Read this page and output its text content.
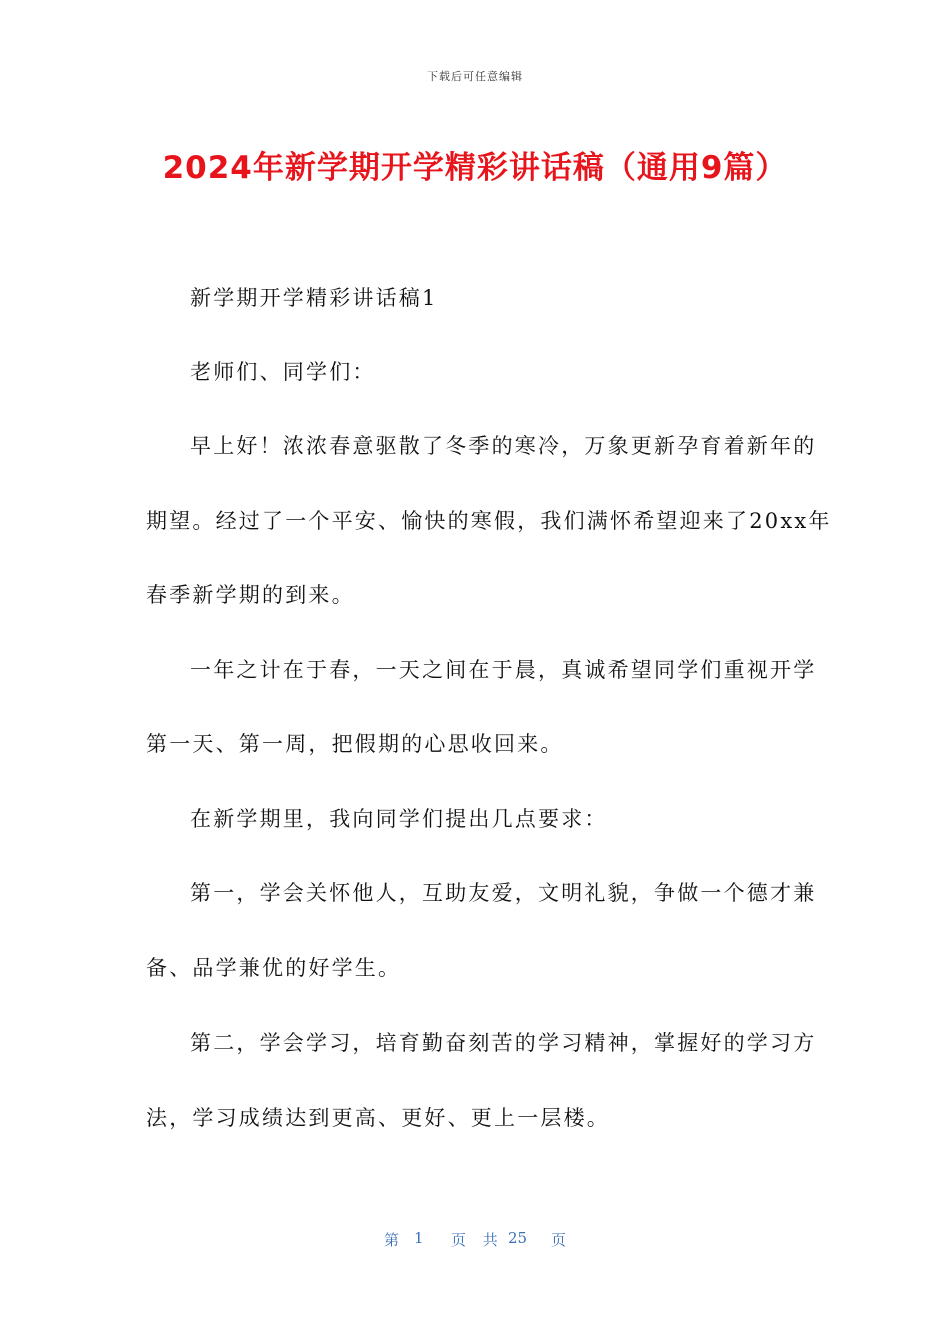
下载后可任意编辑
2024年新学期开学精彩讲话稿（通用9篇）
新学期开学精彩讲话稿1
老师们、同学们：
早上好！浓浓春意驱散了冬季的寒冷，万象更新孕育着新年的
期望。经过了一个平安、愉快的寒假，我们满怀希望迎来了20xx年
春季新学期的到来。
一年之计在于春，一天之间在于晨，真诚希望同学们重视开学
第一天、第一周，把假期的心思收回来。
在新学期里，我向同学们提出几点要求：
第一，学会关怀他人，互助友爱，文明礼貌，争做一个德才兼
备、品学兼优的好学生。
第二，学会学习，培育勤奋刻苦的学习精神，掌握好的学习方
法，学习成绩达到更高、更好、更上一层楼。
第 1 页 共 25 页
